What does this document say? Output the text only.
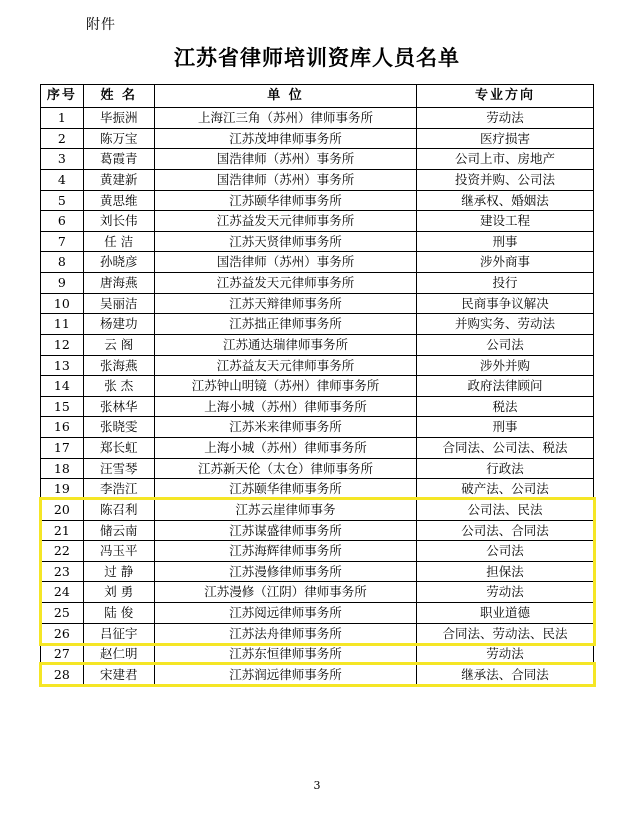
附件
江苏省律师培训资库人员名单
序号	姓 名	单 位	专业方向
1	毕振洲	上海江三角（苏州）律师事务所	劳动法
2	陈万宝	江苏茂坤律师事务所	医疗损害
3	葛霞青	国浩律师（苏州）事务所	公司上市、房地产
4	黄建新	国浩律师（苏州）事务所	投资并购、公司法
5	黄思维	江苏颐华律师事务所	继承权、婚姻法
6	刘长伟	江苏益发天元律师事务所	建设工程
7	任 洁	江苏天贤律师事务所	刑事
8	孙晓彦	国浩律师（苏州）事务所	涉外商事
9	唐海燕	江苏益发天元律师事务所	投行
10	吴丽洁	江苏天辩律师事务所	民商事争议解决
11	杨建功	江苏拙正律师事务所	并购实务、劳动法
12	云 阁	江苏通达瑞律师事务所	公司法
13	张海燕	江苏益友天元律师事务所	涉外并购
14	张 杰	江苏钟山明镜（苏州）律师事务所	政府法律顾问
15	张林华	上海小城（苏州）律师事务所	税法
16	张晓雯	江苏米来律师事务所	刑事
17	郑长虹	上海小城（苏州）律师事务所	合同法、公司法、税法
18	汪雪琴	江苏新天伦（太仓）律师事务所	行政法
19	李浩江	江苏颐华律师事务所	破产法、公司法
20	陈召利	江苏云崖律师事务	公司法、民法
21	储云南	江苏谋盛律师事务所	公司法、合同法
22	冯玉平	江苏海辉律师事务所	公司法
23	过 静	江苏漫修律师事务所	担保法
24	刘 勇	江苏漫修（江阴）律师事务所	劳动法
25	陆 俊	江苏阅远律师事务所	职业道德
26	吕征宇	江苏法舟律师事务所	合同法、劳动法、民法
27	赵仁明	江苏东恒律师事务所	劳动法
28	宋建君	江苏润远律师事务所	继承法、合同法
3
